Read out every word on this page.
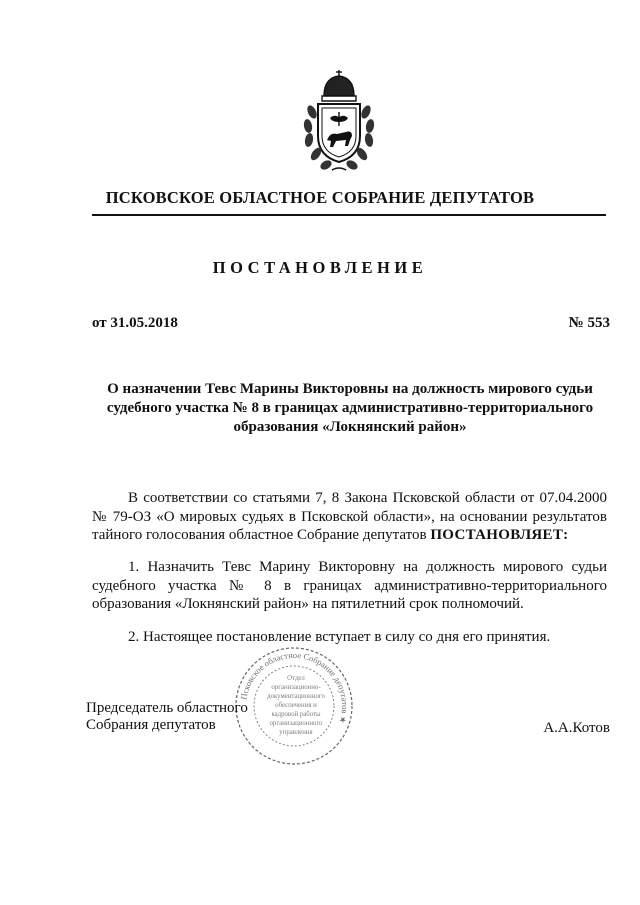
ПСКОВСКОЕ ОБЛАСТНОЕ СОБРАНИЕ ДЕПУТАТОВ
ПОСТАНОВЛЕНИЕ
от 31.05.2018	№ 553
О назначении Тевс Марины Викторовны на должность мирового судьи
судебного участка № 8 в границах административно-территориального
образования «Локнянский район»
В соответствии со статьями 7, 8 Закона Псковской области от 07.04.2000 № 79-ОЗ «О мировых судьях в Псковской области», на основании результатов тайного голосования областное Собрание депутатов ПОСТАНОВЛЯЕТ:
1. Назначить Тевс Марину Викторовну на должность мирового судьи судебного участка № 8 в границах административно-территориального образования «Локнянский район» на пятилетний срок полномочий.
2. Настоящее постановление вступает в силу со дня его принятия.
Псковское областное Собрание депутатов ★
Отдел
организационно-
документационного
обеспечения и
кадровой работы
организационного
управления
Председатель областного
Собрания депутатов	А.А.Котов
